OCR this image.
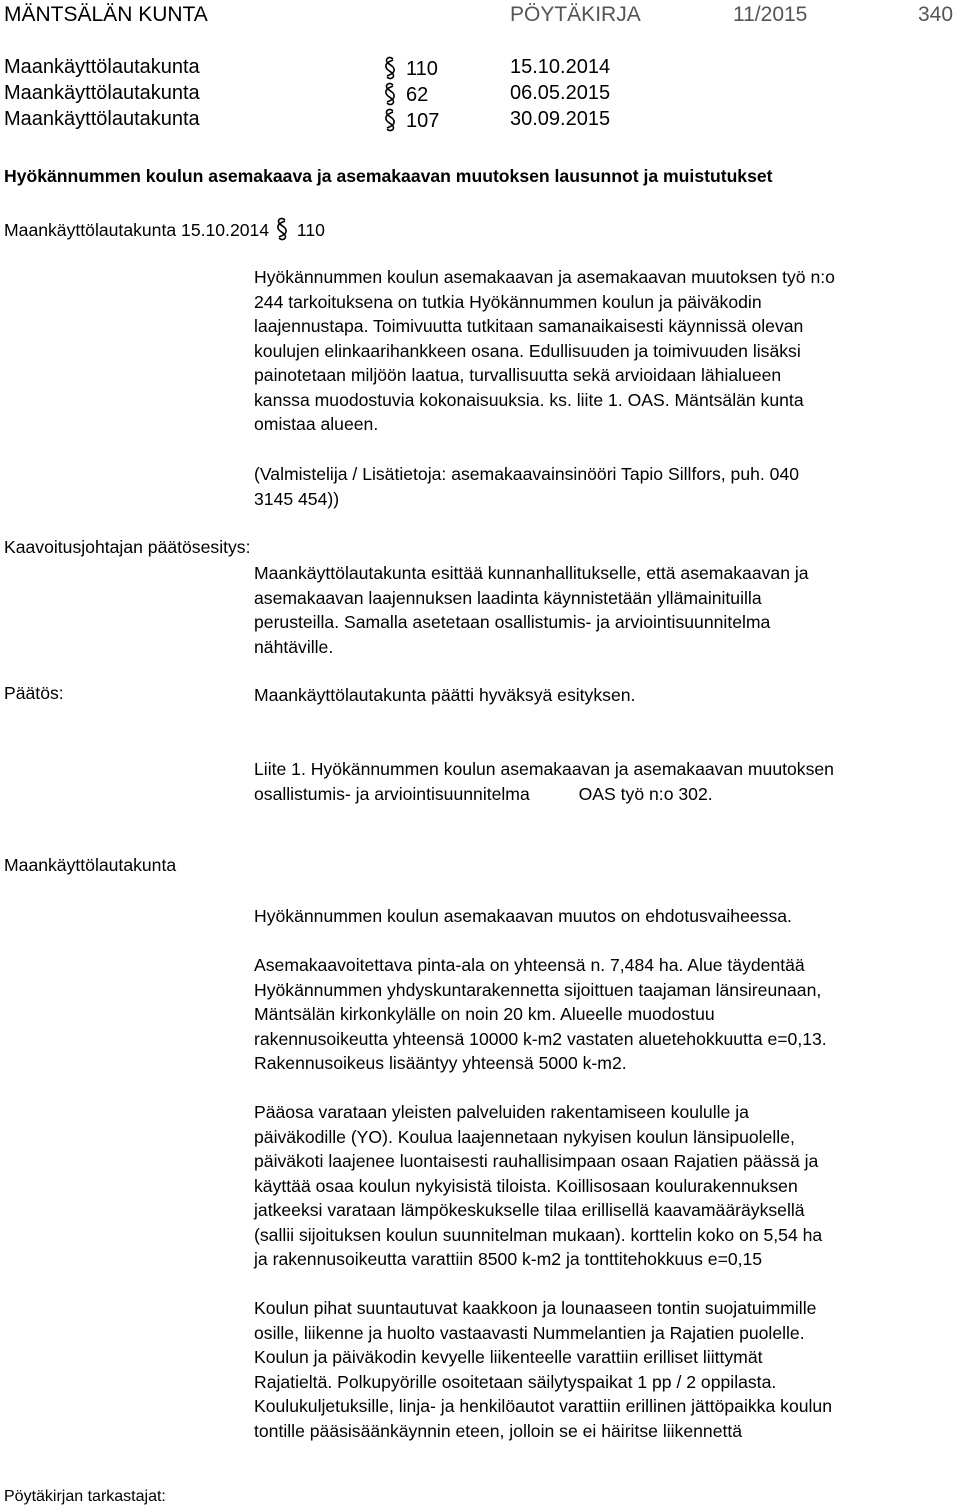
MÄNTSÄLÄN KUNTA	PÖYTÄKIRJA	11/2015	340
Maankäyttölautakunta	110	15.10.2014
Maankäyttölautakunta	62	06.05.2015
Maankäyttölautakunta	107	30.09.2015
Hyökännummen koulun asemakaava ja asemakaavan muutoksen lausunnot ja muistutukset
Maankäyttölautakunta 15.10.2014 110
Hyökännummen koulun asemakaavan ja asemakaavan muutoksen työ n:o
244 tarkoituksena on tutkia Hyökännummen koulun ja päiväkodin
laajennustapa. Toimivuutta tutkitaan samanaikaisesti käynnissä olevan
koulujen elinkaarihankkeen osana. Edullisuuden ja toimivuuden lisäksi
painotetaan miljöön laatua, turvallisuutta sekä arvioidaan lähialueen
kanssa muodostuvia kokonaisuuksia. ks. liite 1. OAS. Mäntsälän kunta
omistaa alueen.
(Valmistelija / Lisätietoja: asemakaavainsinööri Tapio Sillfors, puh. 040
3145 454))
Kaavoitusjohtajan päätösesitys:
Maankäyttölautakunta esittää kunnanhallitukselle, että asemakaavan ja
asemakaavan laajennuksen laadinta käynnistetään yllämainituilla
perusteilla. Samalla asetetaan osallistumis- ja arviointisuunnitelma
nähtäville.
Päätös:	Maankäyttölautakunta päätti hyväksyä esityksen.
Liite 1. Hyökännummen koulun asemakaavan ja asemakaavan muutoksen
osallistumis- ja arviointisuunnitelma          OAS työ n:o 302.
Maankäyttölautakunta
Hyökännummen koulun asemakaavan muutos on ehdotusvaiheessa.
Asemakaavoitettava pinta-ala on yhteensä n. 7,484 ha. Alue täydentää
Hyökännummen yhdyskuntarakennetta sijoittuen taajaman länsireunaan,
Mäntsälän kirkonkylälle on noin 20 km. Alueelle muodostuu
rakennusoikeutta yhteensä 10000 k-m2 vastaten aluetehokkuutta e=0,13.
Rakennusoikeus lisääntyy yhteensä 5000 k-m2.
Pääosa varataan yleisten palveluiden rakentamiseen koululle ja
päiväkodille (YO). Koulua laajennetaan nykyisen koulun länsipuolelle,
päiväkoti laajenee luontaisesti rauhallisimpaan osaan Rajatien päässä ja
käyttää osaa koulun nykyisistä tiloista. Koillisosaan koulurakennuksen
jatkeeksi varataan lämpökeskukselle tilaa erillisellä kaavamääräyksellä
(sallii sijoituksen koulun suunnitelman mukaan). korttelin koko on 5,54 ha
ja rakennusoikeutta varattiin 8500 k-m2 ja tonttitehokkuus e=0,15
Koulun pihat suuntautuvat kaakkoon ja lounaaseen tontin suojatuimmille
osille, liikenne ja huolto vastaavasti Nummelantien ja Rajatien puolelle.
Koulun ja päiväkodin kevyelle liikenteelle varattiin erilliset liittymät
Rajatieltä. Polkupyörille osoitetaan säilytyspaikat 1 pp / 2 oppilasta.
Koulukuljetuksille, linja- ja henkilöautot varattiin erillinen jättöpaikka koulun
tontille pääsisäänkäynnin eteen, jolloin se ei häiritse liikennettä
Pöytäkirjan tarkastajat:
